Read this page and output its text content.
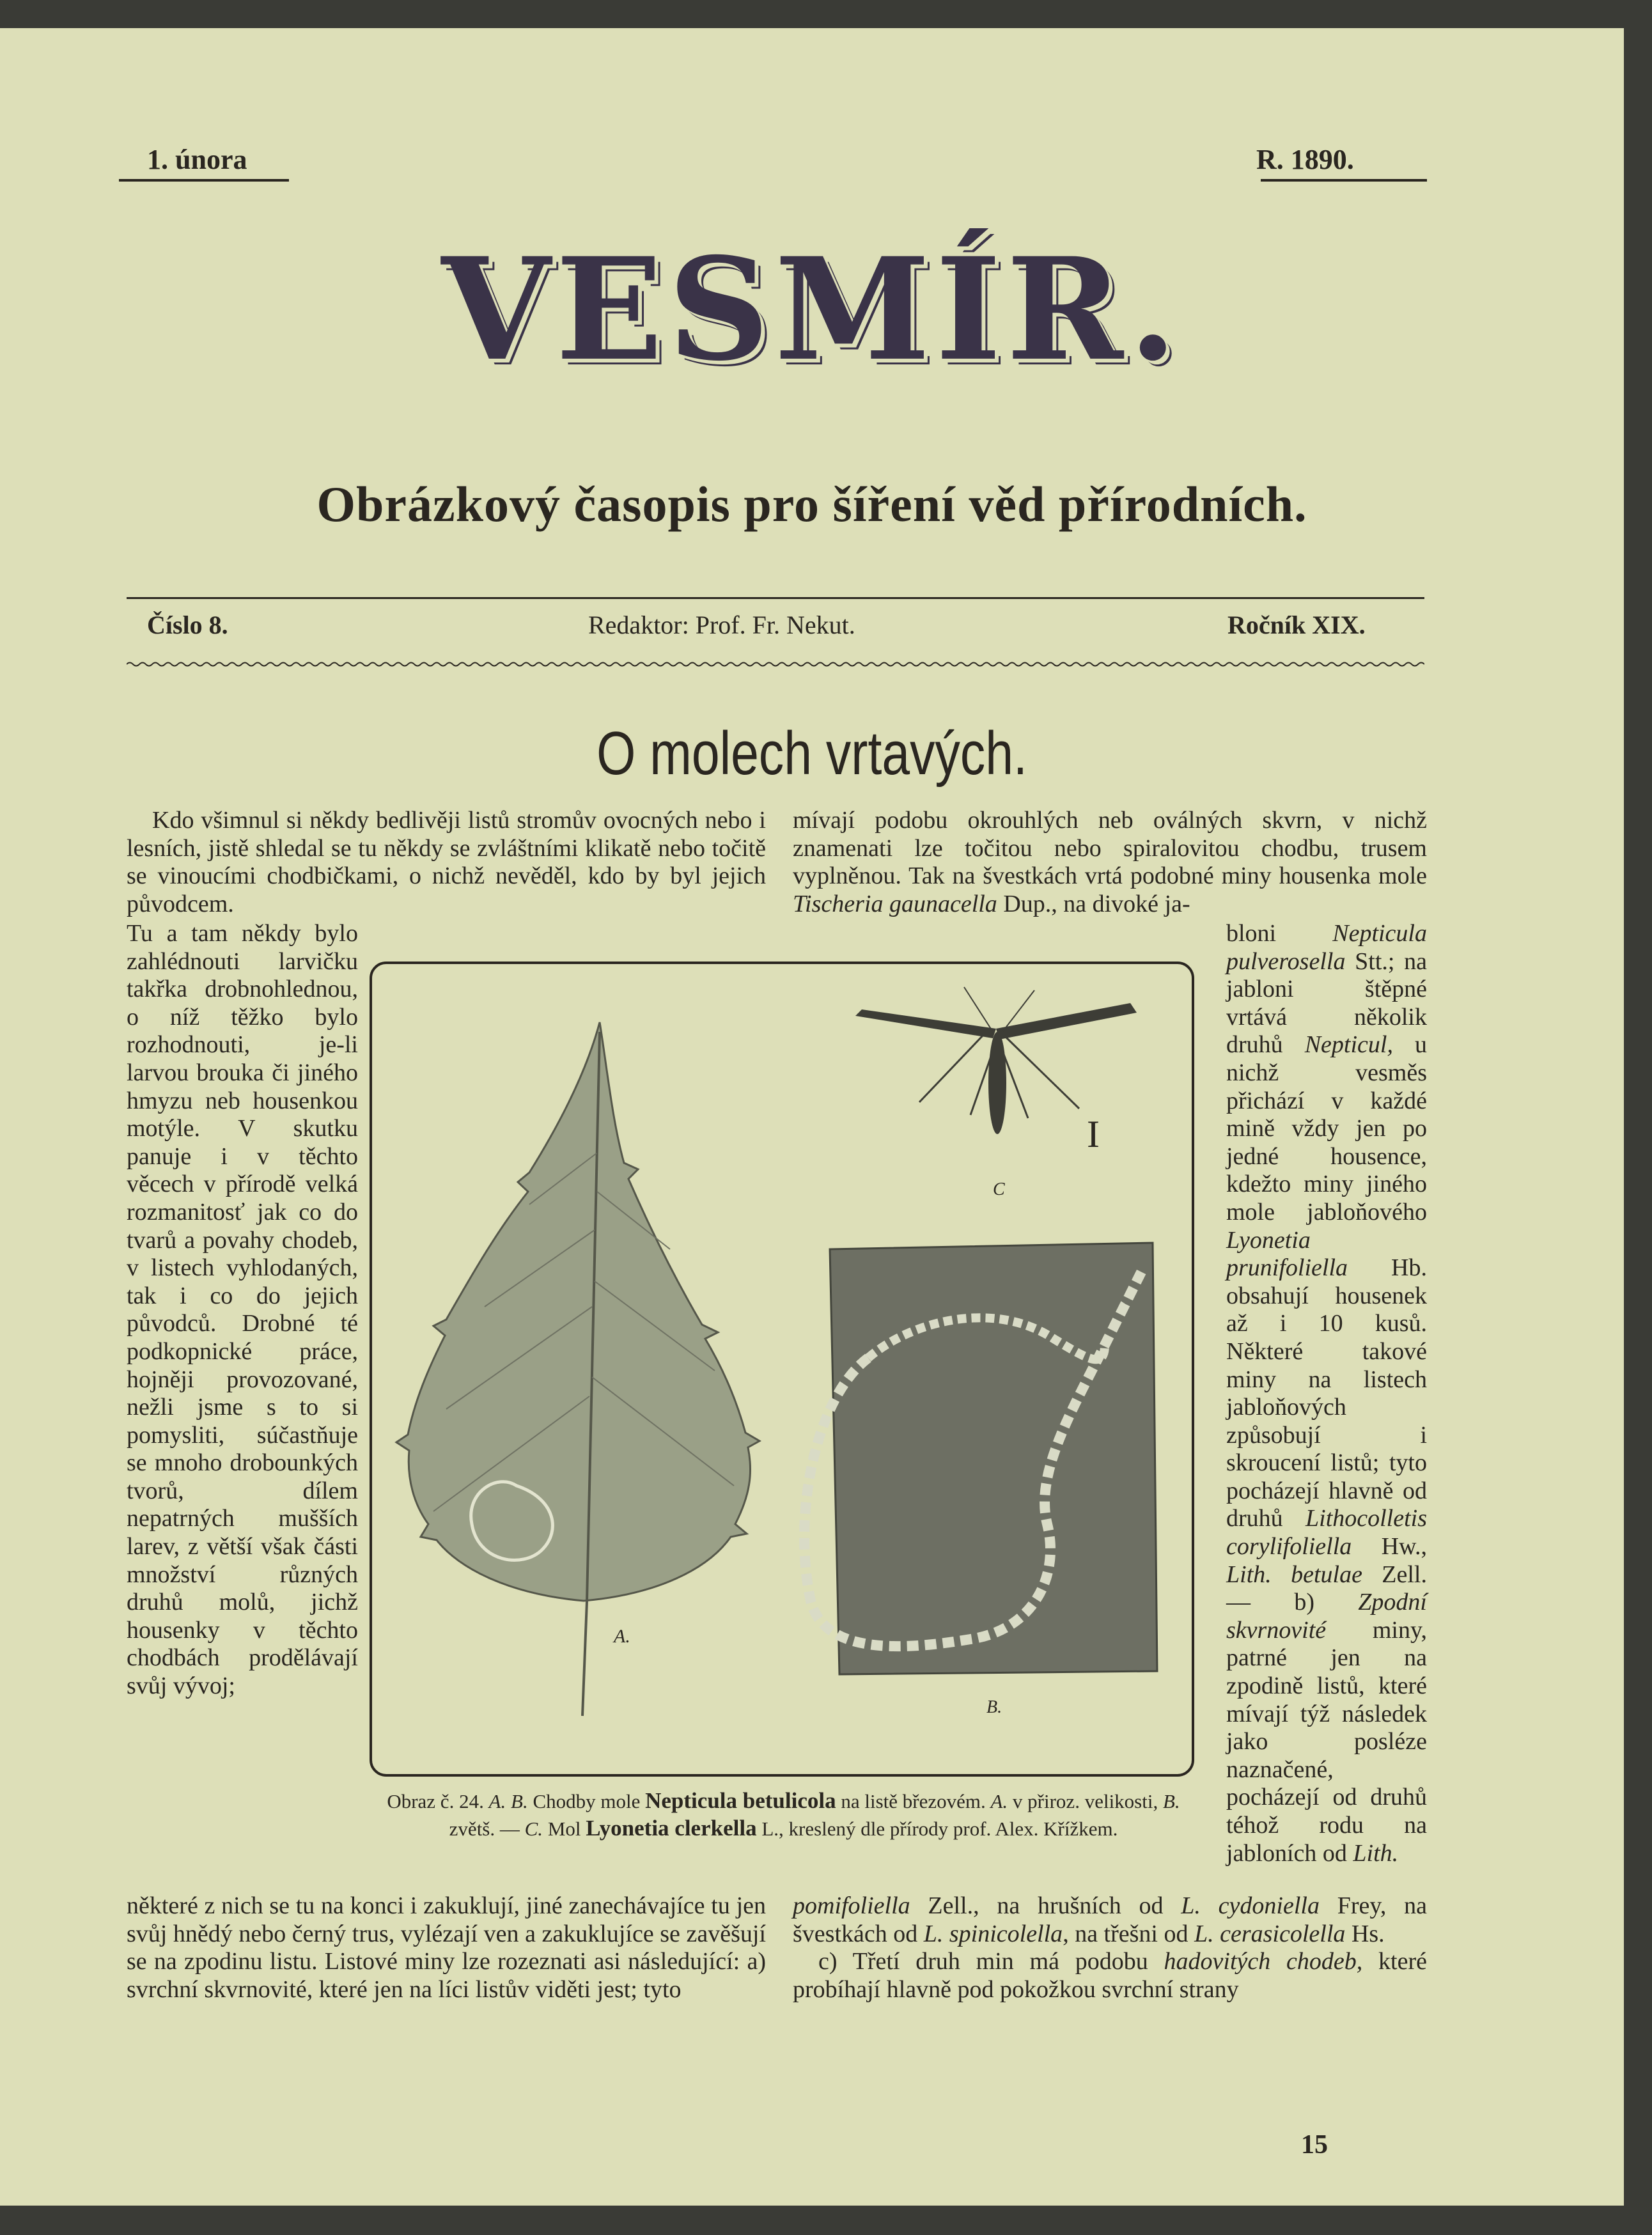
1. února	R. 1890.
VESMÍR.
Obrázkový časopis pro šíření věd přírodních.
Číslo 8.	Redaktor: Prof. Fr. Nekut.	Ročník XIX.
O molech vrtavých.

Kdo všimnul si někdy bedlivěji listů stromův ovocných nebo i lesních, jistě shledal se tu někdy se zvláštními klikatě nebo točitě se vinoucími chodbičkami, o nichž nevěděl, kdo by byl jejich původcem.

Tu a tam někdy bylo zahlédnouti larvičku takřka drobnohlednou, o níž těžko bylo rozhodnouti, je-li larvou brouka či jiného hmyzu neb housenkou motýle. V skutku panuje i v těchto věcech v přírodě velká rozmanitosť jak co do tvarů a povahy chodeb, v listech vyhlodaných, tak i co do jejich původců. Drobné té podkopnické práce, hojněji provozované, nežli jsme s to si pomysliti, súčastňuje se mnoho drobounkých tvorů, dílem nepatrných mušších larev, z větší však části množství různých druhů molů, jichž housenky v těchto chodbách prodělávají svůj vývoj;

některé z nich se tu na konci i zakuklují, jiné zanechávajíce tu jen svůj hnědý nebo černý trus, vylézají ven a zakuklujíce se zavěšují se na zpodinu listu. Listové miny lze rozeznati asi následující: a) svrchní skvrnovité, které jen na líci listův viděti jest; tyto

mívají podobu okrouhlých neb oválných skvrn, v nichž znamenati lze točitou nebo spiralovitou chodbu, trusem vyplněnou. Tak na švestkách vrtá podobné miny housenka mole Tischeria gaunacella Dup., na divoké ja-

bloni Nepticula pulverosella Stt.; na jabloni štěpné vrtává několik druhů Nepticul, u nichž vesměs přichází v každé mině vždy jen po jedné housence, kdežto miny jiného mole jabloňového Lyonetia prunifoliella Hb. obsahují housenek až i 10 kusů. Některé takové miny na listech jabloňových způsobují i skroucení listů; tyto pocházejí hlavně od druhů Lithocolletis corylifoliella Hw., Lith. betulae Zell. — b) Zpodní skvrnovité miny, patrné jen na zpodině listů, které mívají týž následek jako posléze naznačené, pocházejí od druhů téhož rodu na jabloních od Lith.

pomifoliella Zell., na hrušních od L. cydoniella Frey, na švestkách od L. spinicolella, na třešni od L. cerasicolella Hs.

c) Třetí druh min má podobu hadovitých chodeb, které probíhají hlavně pod pokožkou svrchní strany

A.
C
I
B.
Obraz č. 24. A. B. Chodby mole Nepticula betulicola na listě březovém. A. v přiroz. velikosti, B. zvětš. — C. Mol Lyonetia clerkella L., kreslený dle přírody prof. Alex. Křížkem.
15
